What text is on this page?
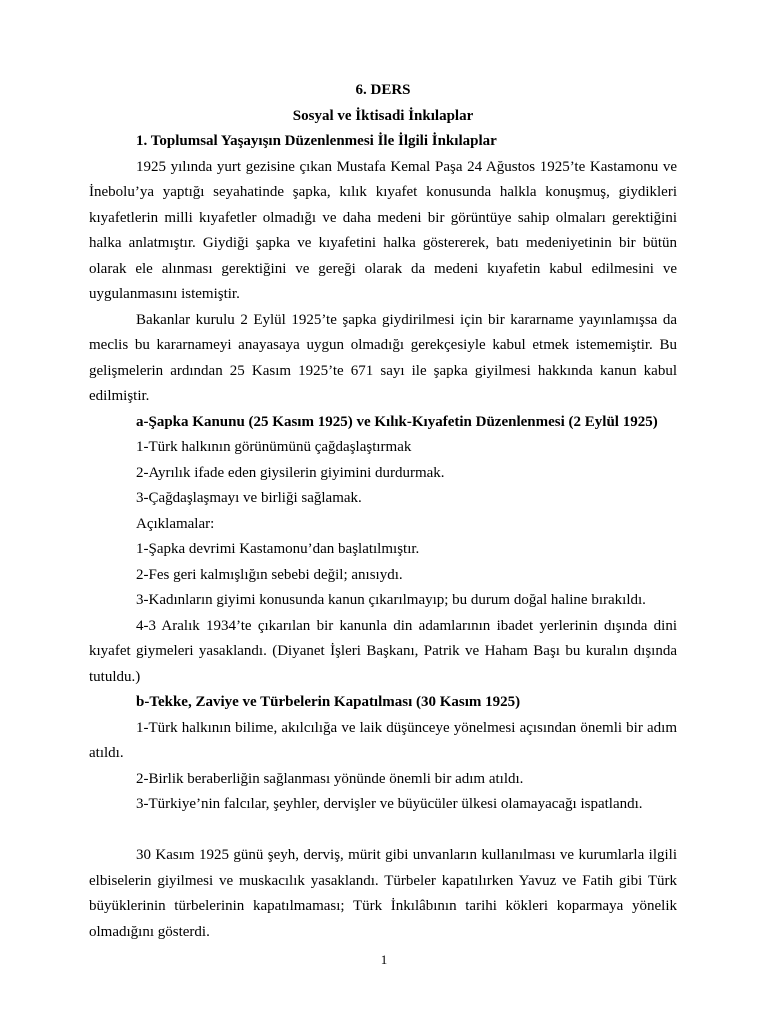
6. DERS

Sosyal ve İktisadi İnkılaplar

1. Toplumsal Yaşayışın Düzenlenmesi İle İlgili İnkılaplar

1925 yılında yurt gezisine çıkan Mustafa Kemal Paşa 24 Ağustos 1925’te Kastamonu ve İnebolu’ya yaptığı seyahatinde şapka, kılık kıyafet konusunda halkla konuşmuş, giydikleri kıyafetlerin milli kıyafetler olmadığı ve daha medeni bir görüntüye sahip olmaları gerektiğini halka anlatmıştır. Giydiği şapka ve kıyafetini halka göstererek, batı medeniyetinin bir bütün olarak ele alınması gerektiğini ve gereği olarak da medeni kıyafetin kabul edilmesini ve uygulanmasını istemiştir.

Bakanlar kurulu 2 Eylül 1925’te şapka giydirilmesi için bir kararname yayınlamışsa da meclis bu kararnameyi anayasaya uygun olmadığı gerekçesiyle kabul etmek istememiştir. Bu gelişmelerin ardından 25 Kasım 1925’te 671 sayı ile şapka giyilmesi hakkında kanun kabul edilmiştir.

a-Şapka Kanunu (25 Kasım 1925) ve Kılık-Kıyafetin Düzenlenmesi (2 Eylül 1925)

1-Türk halkının görünümünü çağdaşlaştırmak

2-Ayrılık ifade eden giysilerin giyimini durdurmak.

3-Çağdaşlaşmayı ve birliği sağlamak.

Açıklamalar:

1-Şapka devrimi Kastamonu’dan başlatılmıştır.

2-Fes geri kalmışlığın sebebi değil; anısıydı.

3-Kadınların giyimi konusunda kanun çıkarılmayıp; bu durum doğal haline bırakıldı.

4-3 Aralık 1934’te çıkarılan bir kanunla din adamlarının ibadet yerlerinin dışında dini kıyafet giymeleri yasaklandı. (Diyanet İşleri Başkanı, Patrik ve Haham Başı bu kuralın dışında tutuldu.)

b-Tekke, Zaviye ve Türbelerin Kapatılması (30 Kasım 1925)

1-Türk halkının bilime, akılcılığa ve laik düşünceye yönelmesi açısından önemli bir adım atıldı.

2-Birlik beraberliğin sağlanması yönünde önemli bir adım atıldı.

3-Türkiye’nin falcılar, şeyhler, dervişler ve büyücüler ülkesi olamayacağı ispatlandı.

30 Kasım 1925 günü şeyh, derviş, mürit gibi unvanların kullanılması ve kurumlarla ilgili elbiselerin giyilmesi ve muskacılık yasaklandı. Türbeler kapatılırken Yavuz ve Fatih gibi Türk büyüklerinin türbelerinin kapatılmaması; Türk İnkılâbının tarihi kökleri koparmaya yönelik olmadığını gösterdi.

1
